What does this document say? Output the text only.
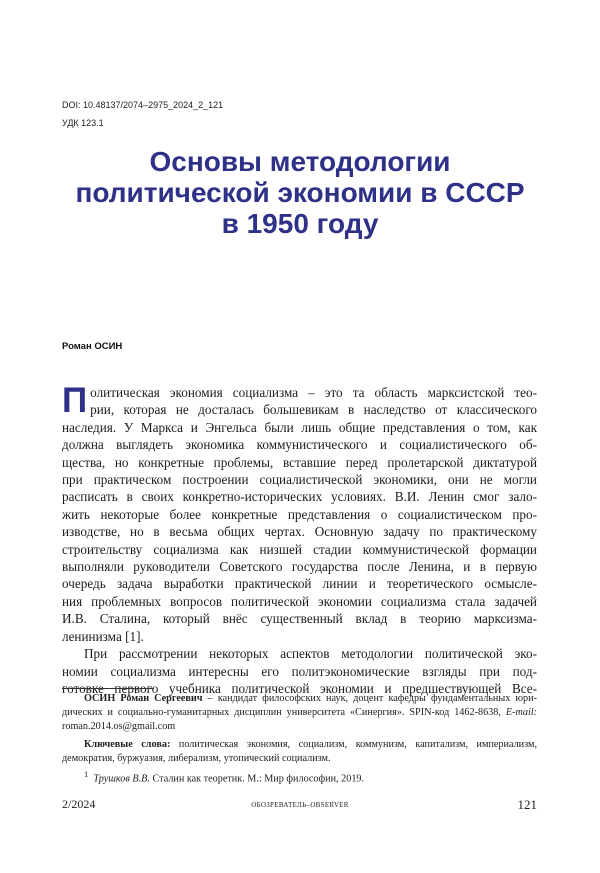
DOI: 10.48137/2074–2975_2024_2_121
УДК 123.1
Основы методологии
политической экономии в СССР
в 1950 году
Роман ОСИН
П олитическая экономия социализма – это та область марксистской тео-
рии, которая не досталась большевикам в наследство от классического
наследия. У Маркса и Энгельса были лишь общие представления о том, как
должна выглядеть экономика коммунистического и социалистического об-
щества, но конкретные проблемы, вставшие перед пролетарской диктатурой
при практическом построении социалистической экономики, они не могли
расписать в своих конкретно-исторических условиях. В.И. Ленин смог зало-
жить некоторые более конкретные представления о социалистическом про-
изводстве, но в весьма общих чертах. Основную задачу по практическому
строительству социализма как низшей стадии коммунистической формации
выполняли руководители Советского государства после Ленина, и в первую
очередь задача выработки практической линии и теоретического осмысле-
ния проблемных вопросов политической экономии социализма стала задачей
И.В. Сталина, который внёс существенный вклад в теорию марксизма-
ленинизма [1].
При рассмотрении некоторых аспектов методологии политической эко-
номии социализма интересны его политэкономические взгляды при под-
готовке первого учебника политической экономии и предшествующей Все-
ОСИН Роман Сергеевич – кандидат философских наук, доцент кафедры фундаментальных юри-
дических и социально-гуманитарных дисциплин университета «Синергия». SPIN-код 1462-8638, E-mail:
roman.2014.os@gmail.com
Ключевые слова: политическая экономия, социализм, коммунизм, капитализм, империализм,
демократия, буржуазия, либерализм, утопический социализм.
$^1$ Трушков В.В. Сталин как теоретик. М.: Мир философии, 2019.
2/2024	ОБОЗРЕВАТЕЛЬ–OBSERVER	121
